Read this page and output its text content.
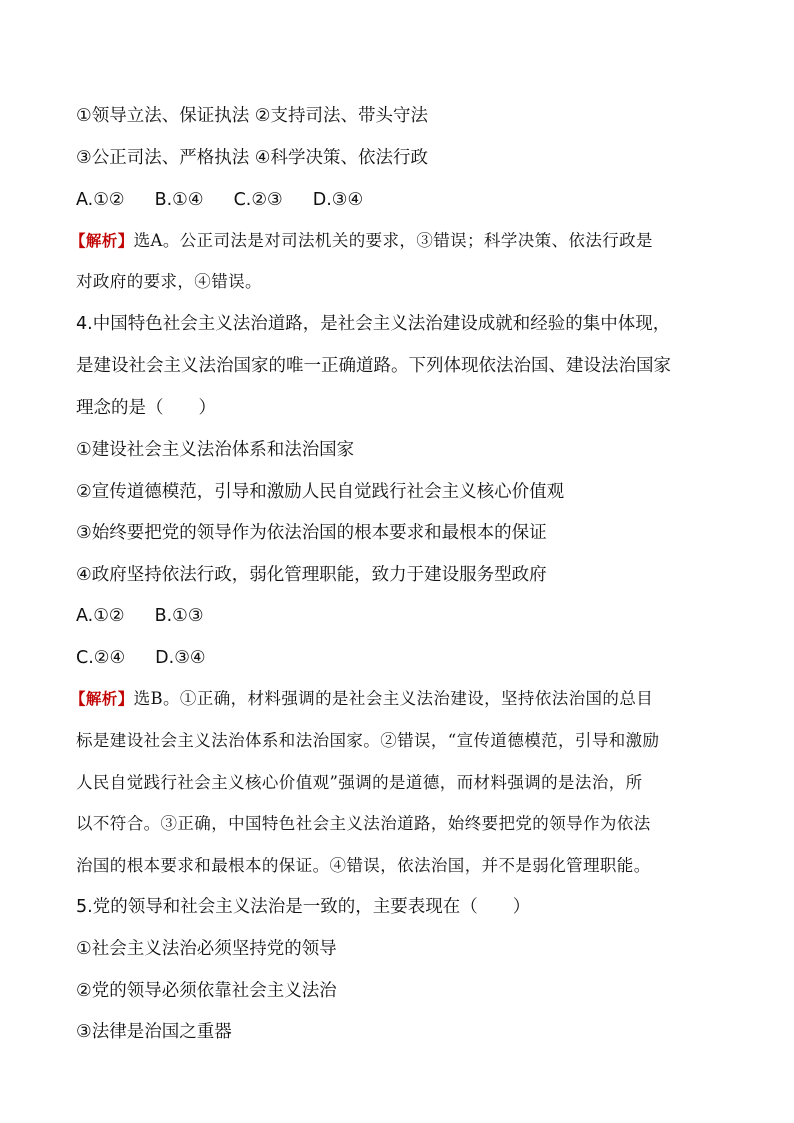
①领导立法、保证执法 ②支持司法、带头守法
③公正司法、严格执法 ④科学决策、依法行政
A.①② B.①④ C.②③ D.③④
【解析】选A。公正司法是对司法机关的要求，③错误；科学决策、依法行政是
对政府的要求，④错误。
4.中国特色社会主义法治道路，是社会主义法治建设成就和经验的集中体现，
是建设社会主义法治国家的唯一正确道路。下列体现依法治国、建设法治国家
理念的是（　　）
①建设社会主义法治体系和法治国家
②宣传道德模范，引导和激励人民自觉践行社会主义核心价值观
③始终要把党的领导作为依法治国的根本要求和最根本的保证
④政府坚持依法行政，弱化管理职能，致力于建设服务型政府
A.①② B.①③
C.②④ D.③④
【解析】选B。①正确，材料强调的是社会主义法治建设，坚持依法治国的总目
标是建设社会主义法治体系和法治国家。②错误，“宣传道德模范，引导和激励
人民自觉践行社会主义核心价值观”强调的是道德，而材料强调的是法治，所
以不符合。③正确，中国特色社会主义法治道路，始终要把党的领导作为依法
治国的根本要求和最根本的保证。④错误，依法治国，并不是弱化管理职能。
5.党的领导和社会主义法治是一致的，主要表现在（　　）
①社会主义法治必须坚持党的领导
②党的领导必须依靠社会主义法治
③法律是治国之重器
